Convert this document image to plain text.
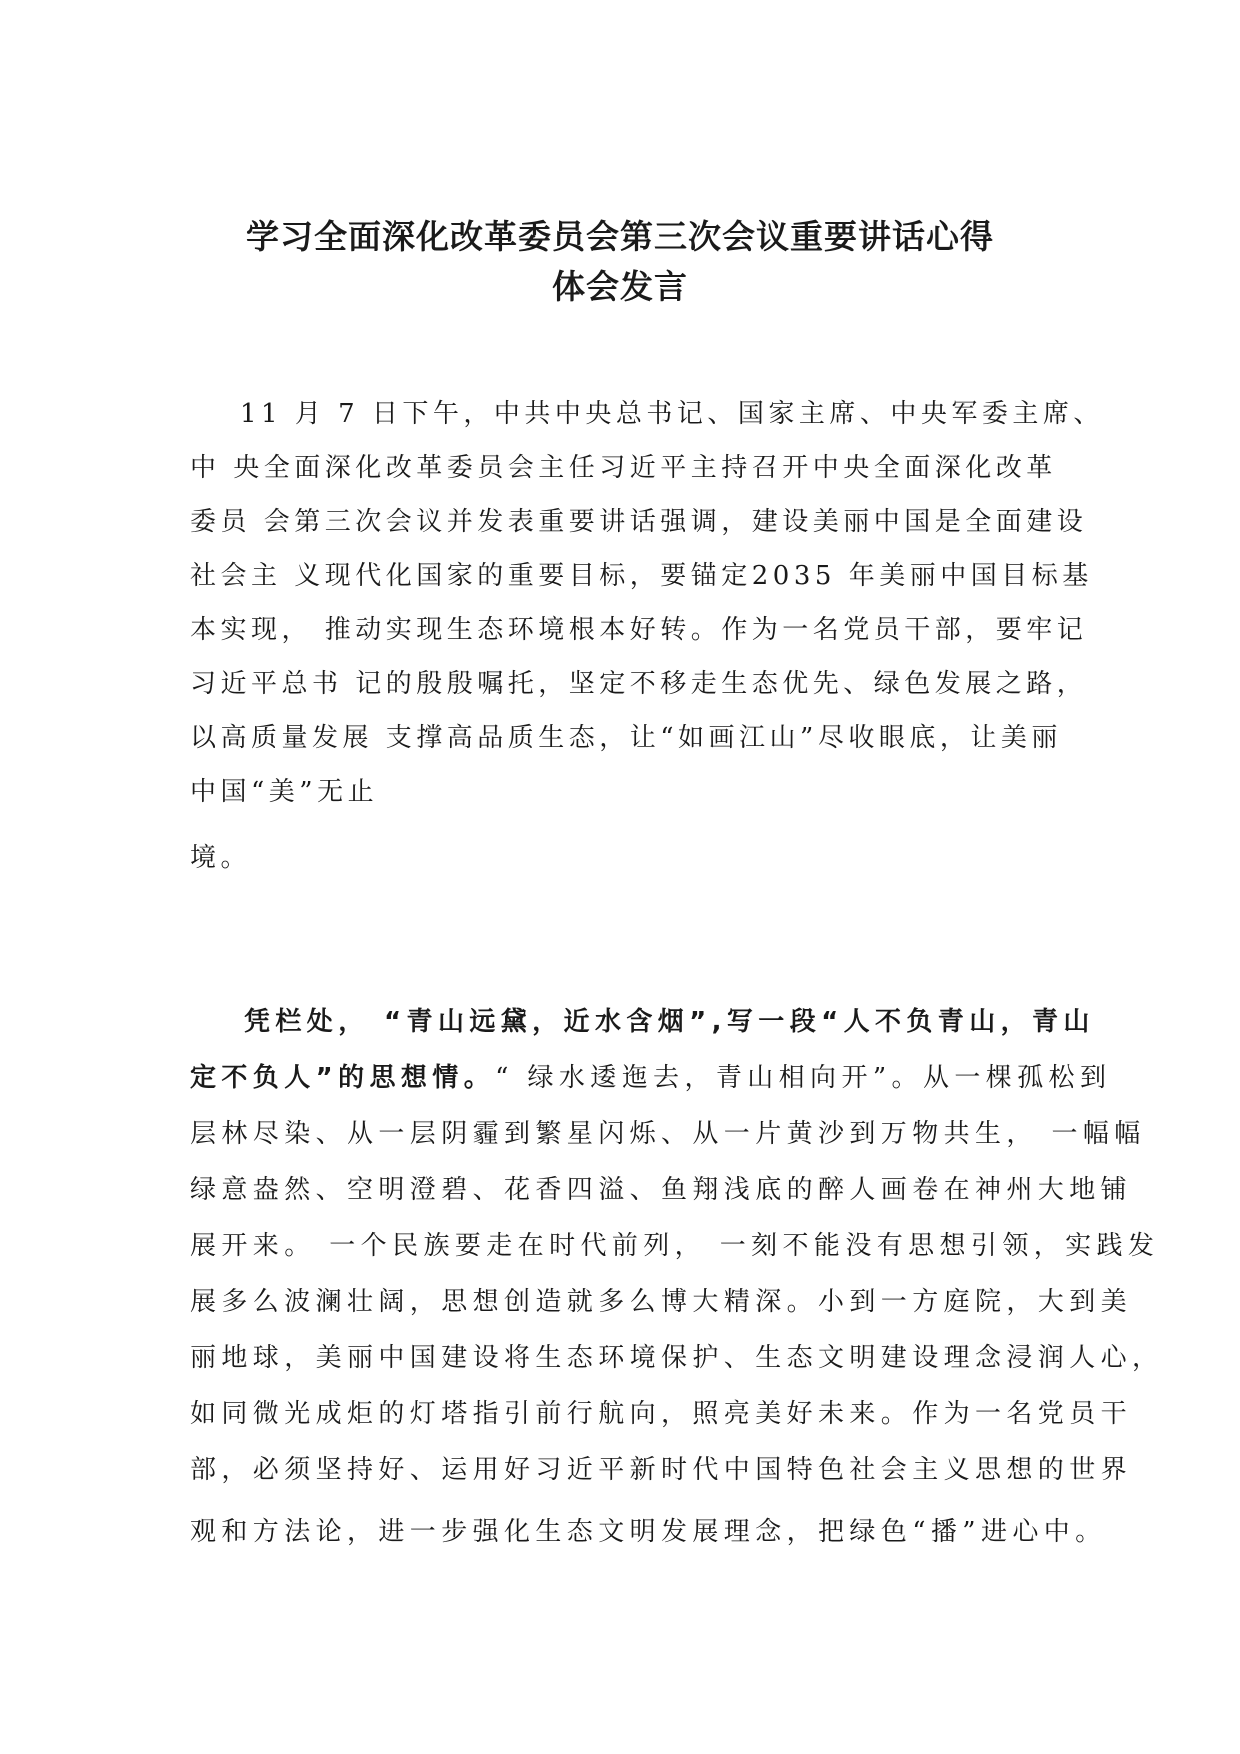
学习全面深化改革委员会第三次会议重要讲话心得
体会发言
11 月 7 日下午，中共中央总书记、国家主席、中央军委主席、
中 央全面深化改革委员会主任习近平主持召开中央全面深化改革
委员 会第三次会议并发表重要讲话强调，建设美丽中国是全面建设
社会主 义现代化国家的重要目标，要锚定2035 年美丽中国目标基
本实现， 推动实现生态环境根本好转。作为一名党员干部，要牢记
习近平总书 记的殷殷嘱托，坚定不移走生态优先、绿色发展之路，
以高质量发展 支撑高品质生态，让“如画江山”尽收眼底，让美丽
中国“美”无止
境。
凭栏处， “青山远黛，近水含烟”,写一段“人不负青山，青山
定不负人”的思想情。“ 绿水逶迤去，青山相向开”。从一棵孤松到
层林尽染、从一层阴霾到繁星闪烁、从一片黄沙到万物共生， 一幅幅
绿意盎然、空明澄碧、花香四溢、鱼翔浅底的醉人画卷在神州大地铺
展开来。 一个民族要走在时代前列， 一刻不能没有思想引领，实践发
展多么波澜壮阔，思想创造就多么博大精深。小到一方庭院，大到美
丽地球，美丽中国建设将生态环境保护、生态文明建设理念浸润人心，
如同微光成炬的灯塔指引前行航向，照亮美好未来。作为一名党员干
部，必须坚持好、运用好习近平新时代中国特色社会主义思想的世界
观和方法论，进一步强化生态文明发展理念，把绿色“播”进心中。
